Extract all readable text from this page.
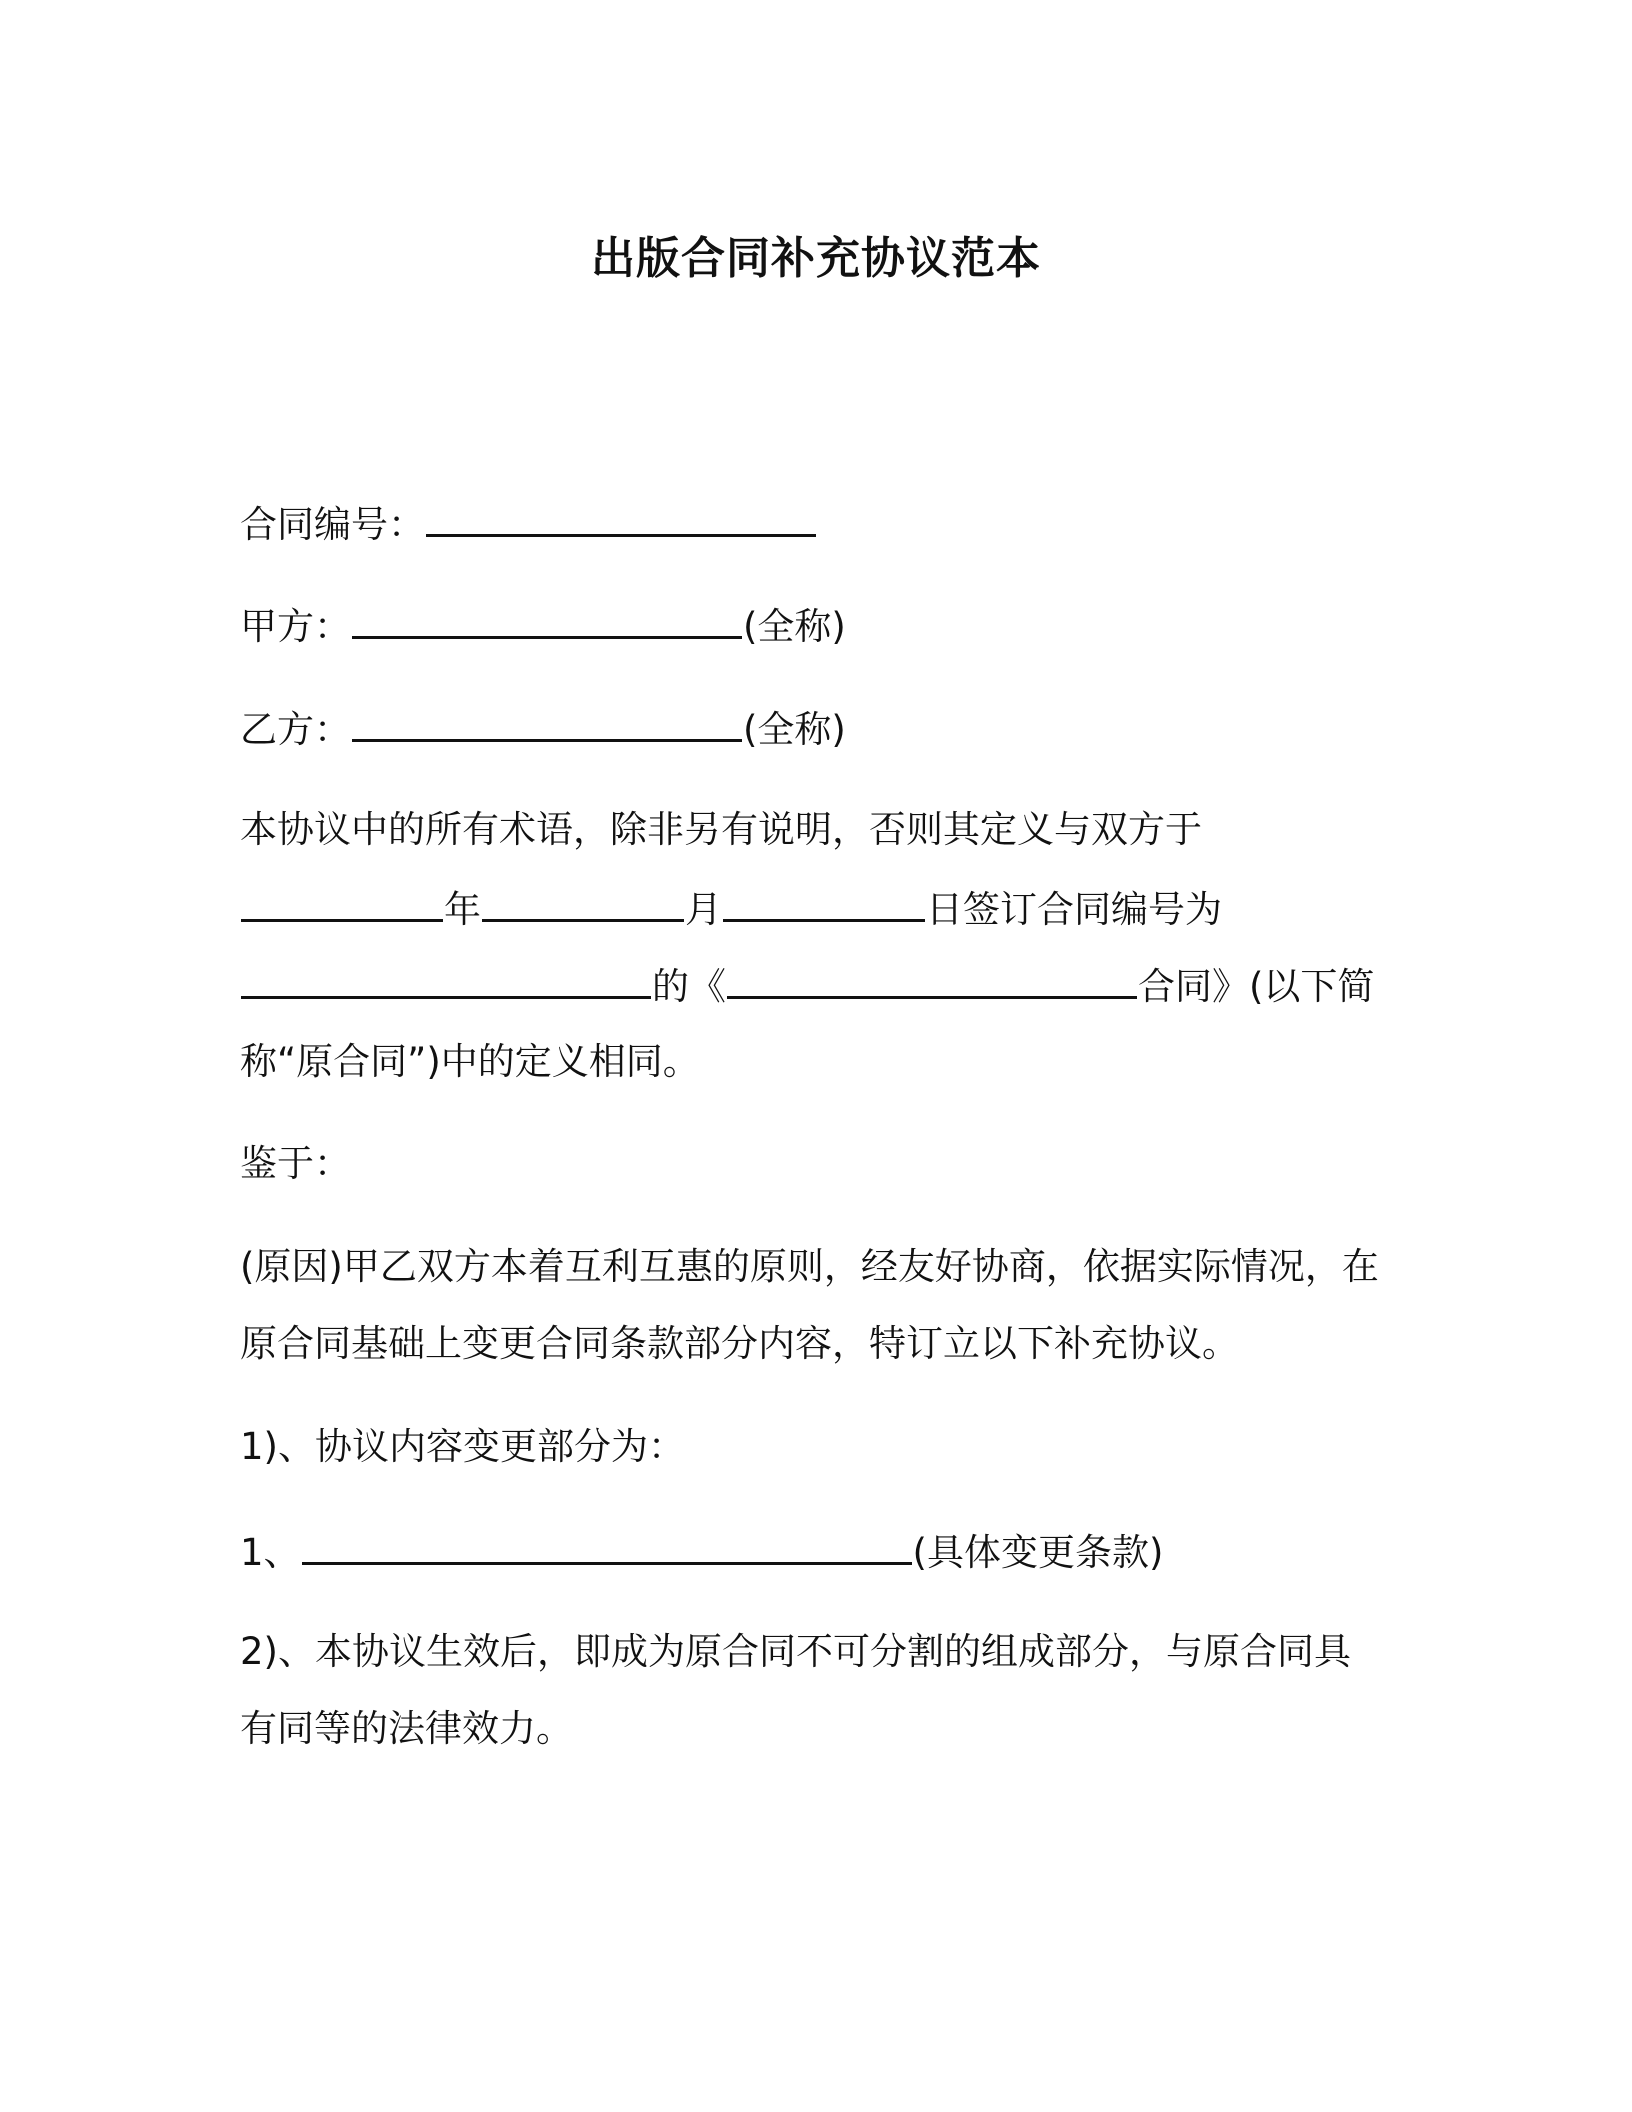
出版合同补充协议范本
合同编号：
甲方：	(全称)
乙方：	(全称)
本协议中的所有术语，除非另有说明，否则其定义与双方于
年	月	日签订合同编号为
的《	合同》(以下简
称“原合同”)中的定义相同。
鉴于：
(原因)甲乙双方本着互利互惠的原则，经友好协商，依据实际情况，在
原合同基础上变更合同条款部分内容，特订立以下补充协议。
1)、协议内容变更部分为：
1、	(具体变更条款)
2)、本协议生效后，即成为原合同不可分割的组成部分，与原合同具
有同等的法律效力。
